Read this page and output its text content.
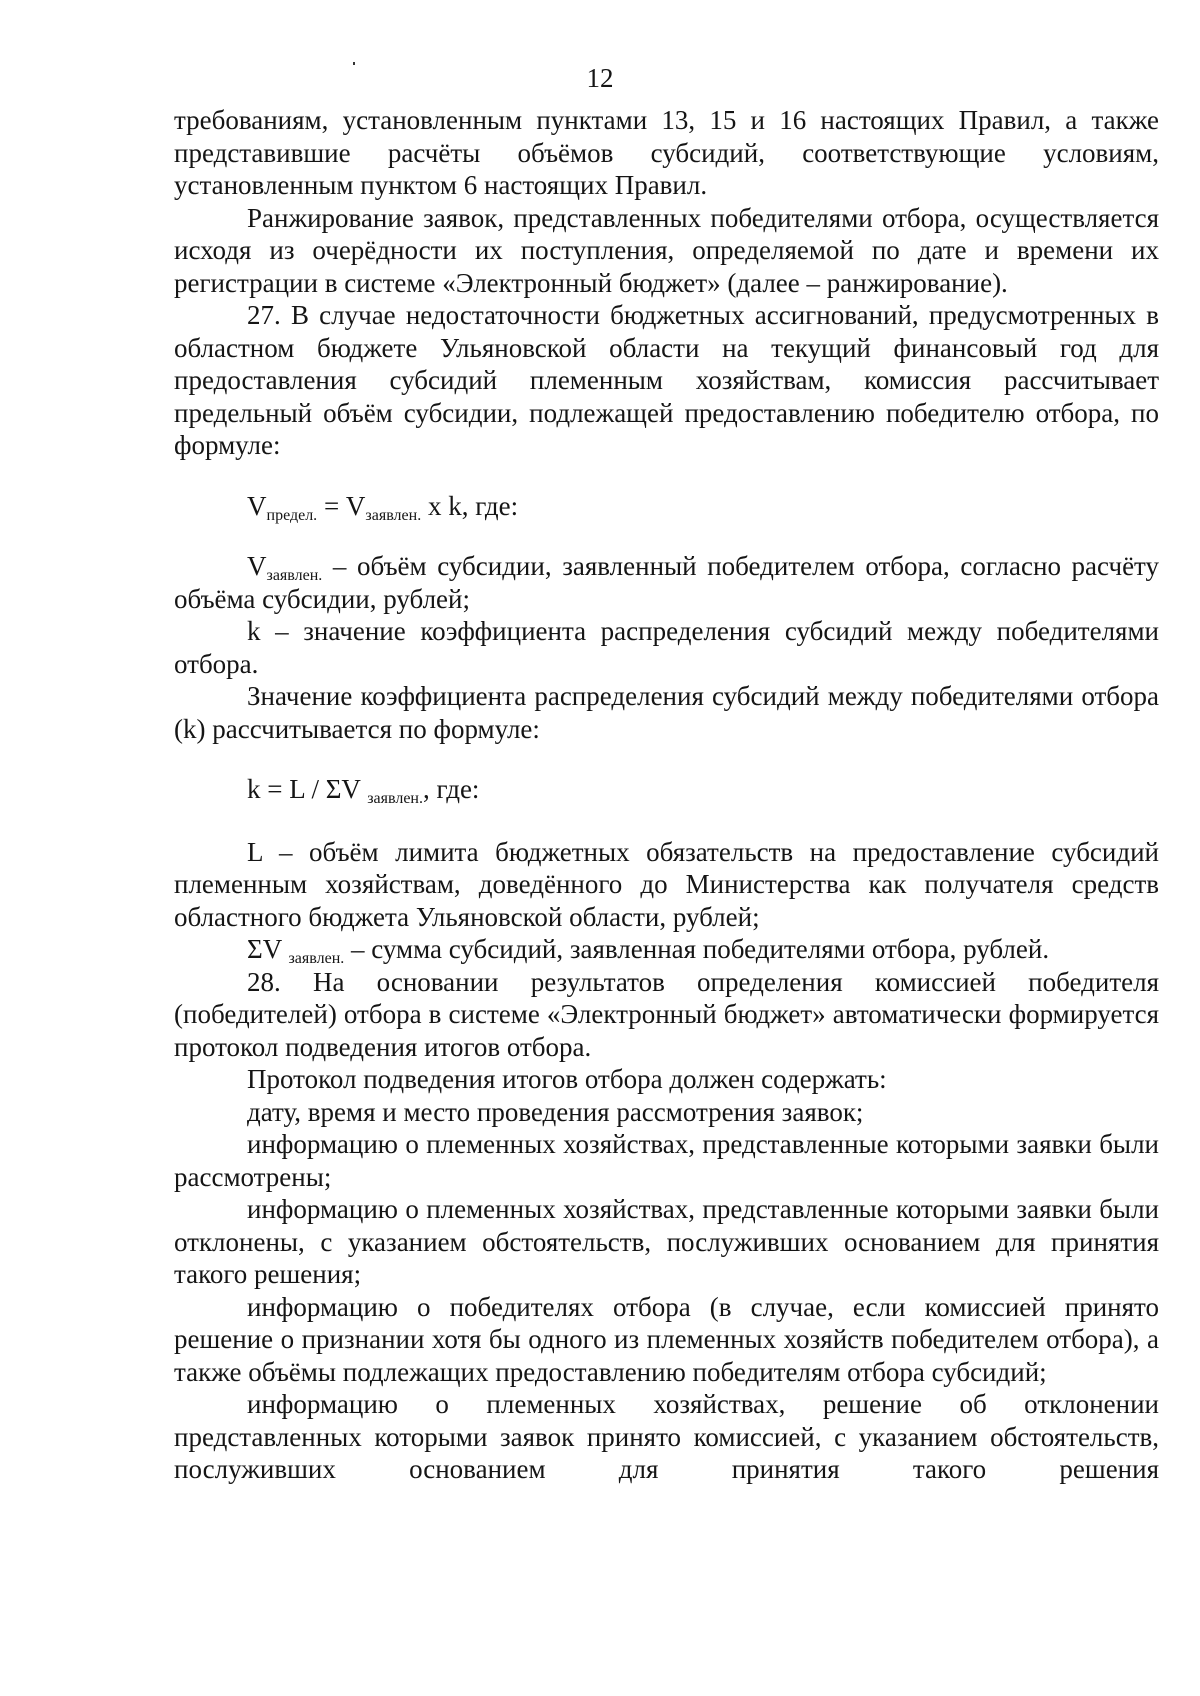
12

требованиям, установленным пунктами 13, 15 и 16 настоящих Правил, а также представившие расчёты объёмов субсидий, соответствующие условиям, установленным пунктом 6 настоящих Правил.

Ранжирование заявок, представленных победителями отбора, осуществляется исходя из очерёдности их поступления, определяемой по дате и времени их регистрации в системе «Электронный бюджет» (далее – ранжирование).

27. В случае недостаточности бюджетных ассигнований, предусмотренных в областном бюджете Ульяновской области на текущий финансовый год для предоставления субсидий племенным хозяйствам, комиссия рассчитывает предельный объём субсидии, подлежащей предоставлению победителю отбора, по формуле:

$V_{предел.} = V_{заявлен.}$ x k, где:

$V_{заявлен.}$ – объём субсидии, заявленный победителем отбора, согласно расчёту объёма субсидии, рублей;

k – значение коэффициента распределения субсидий между победителями отбора.

Значение коэффициента распределения субсидий между победителями отбора (k) рассчитывается по формуле:

k = L / ΣV $_{заявлен.}$, где:

L – объём лимита бюджетных обязательств на предоставление субсидий племенным хозяйствам, доведённого до Министерства как получателя средств областного бюджета Ульяновской области, рублей;

ΣV $_{заявлен.}$ – сумма субсидий, заявленная победителями отбора, рублей.

28. На основании результатов определения комиссией победителя (победителей) отбора в системе «Электронный бюджет» автоматически формируется протокол подведения итогов отбора.

Протокол подведения итогов отбора должен содержать:

дату, время и место проведения рассмотрения заявок;

информацию о племенных хозяйствах, представленные которыми заявки были рассмотрены;

информацию о племенных хозяйствах, представленные которыми заявки были отклонены, с указанием обстоятельств, послуживших основанием для принятия такого решения;

информацию о победителях отбора (в случае, если комиссией принято решение о признании хотя бы одного из племенных хозяйств победителем отбора), а также объёмы подлежащих предоставлению победителям отбора субсидий;

информацию о племенных хозяйствах, решение об отклонении представленных которыми заявок принято комиссией, с указанием обстоятельств, послуживших основанием для принятия такого решения
